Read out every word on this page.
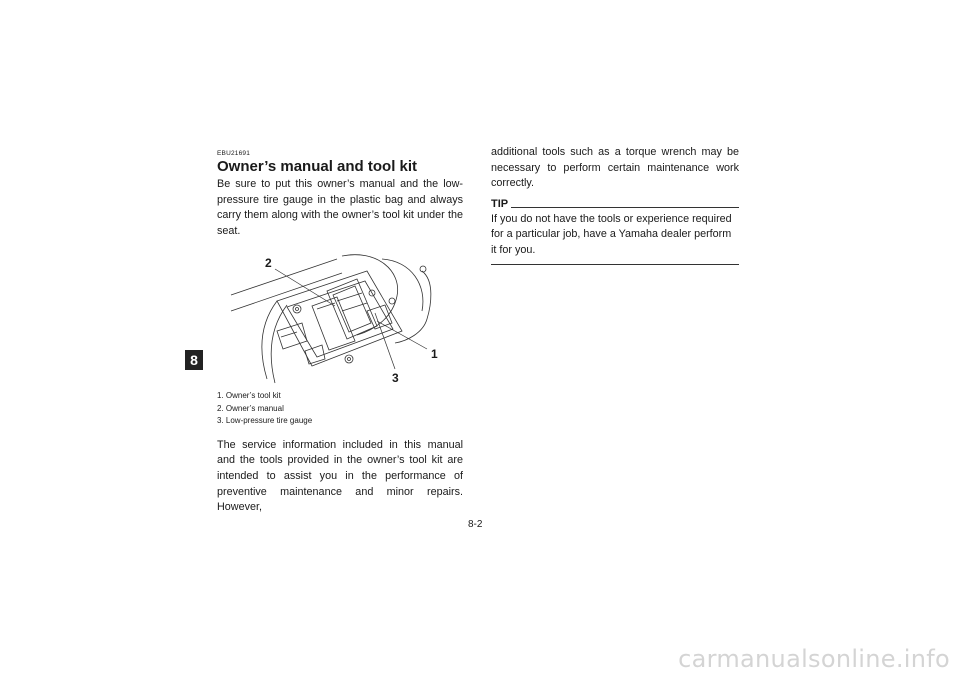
8
EBU21691
Owner’s manual and tool kit

Be sure to put this owner’s manual and the low-pressure tire gauge in the plastic bag and always carry them along with the owner’s tool kit under the seat.

2
1
3
1. Owner’s tool kit
2. Owner’s manual
3. Low-pressure tire gauge

The service information included in this manual and the tools provided in the owner’s tool kit are intended to assist you in the performance of preventive maintenance and minor repairs. However,

additional tools such as a torque wrench may be necessary to perform certain maintenance work correctly.

TIP

If you do not have the tools or experience required for a particular job, have a Yamaha dealer perform it for you.

8-2
carmanualsonline.info
